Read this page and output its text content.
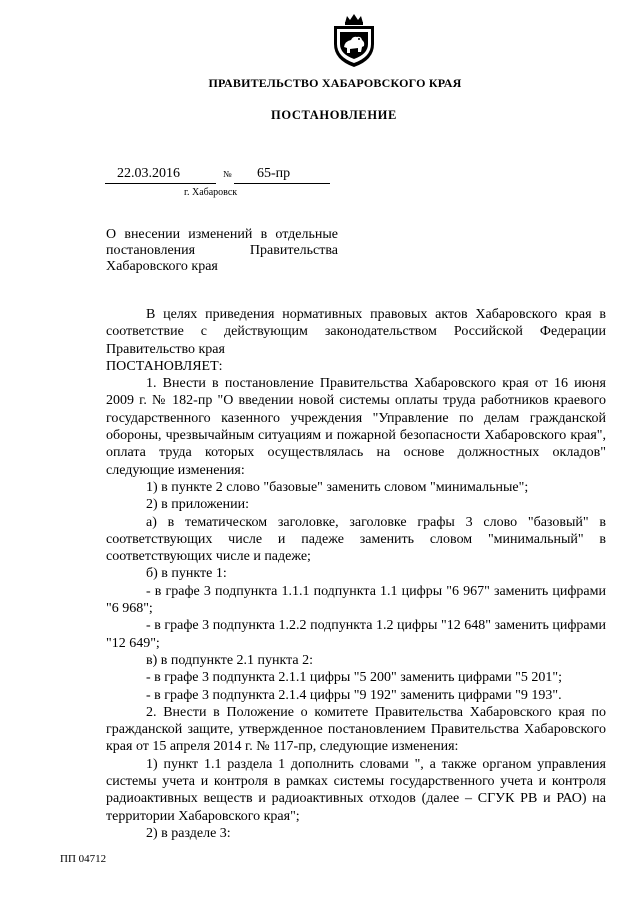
ПРАВИТЕЛЬСТВО ХАБАРОВСКОГО КРАЯ
ПОСТАНОВЛЕНИЕ
22.03.2016	№ 65-пр
г. Хабаровск
О внесении изменений в отдельные постановления Правительства Хабаровского края

В целях приведения нормативных правовых актов Хабаровского края в соответствие с действующим законодательством Российской Федерации Правительство края

ПОСТАНОВЛЯЕТ:

1. Внести в постановление Правительства Хабаровского края от 16 июня 2009 г. № 182-пр "О введении новой системы оплаты труда работников краевого государственного казенного учреждения "Управление по делам гражданской обороны, чрезвычайным ситуациям и пожарной безопасности Хабаровского края", оплата труда которых осуществлялась на основе должностных окладов" следующие изменения:

1) в пункте 2 слово "базовые" заменить словом "минимальные";

2) в приложении:

а) в тематическом заголовке, заголовке графы 3 слово "базовый" в соответствующих числе и падеже заменить словом "минимальный" в соответствующих числе и падеже;

б) в пункте 1:

- в графе 3 подпункта 1.1.1 подпункта 1.1 цифры "6 967" заменить цифрами "6 968";

- в графе 3 подпункта 1.2.2 подпункта 1.2 цифры "12 648" заменить цифрами "12 649";

в) в подпункте 2.1 пункта 2:

- в графе 3 подпункта 2.1.1 цифры "5 200" заменить цифрами "5 201";

- в графе 3 подпункта 2.1.4 цифры "9 192" заменить цифрами "9 193".

2. Внести в Положение о комитете Правительства Хабаровского края по гражданской защите, утвержденное постановлением Правительства Хабаровского края от 15 апреля 2014 г. № 117-пр, следующие изменения:

1) пункт 1.1 раздела 1 дополнить словами ", а также органом управления системы учета и контроля в рамках системы государственного учета и контроля радиоактивных веществ и радиоактивных отходов (далее – СГУК РВ и РАО) на территории Хабаровского края";

2) в разделе 3:

ПП 04712
